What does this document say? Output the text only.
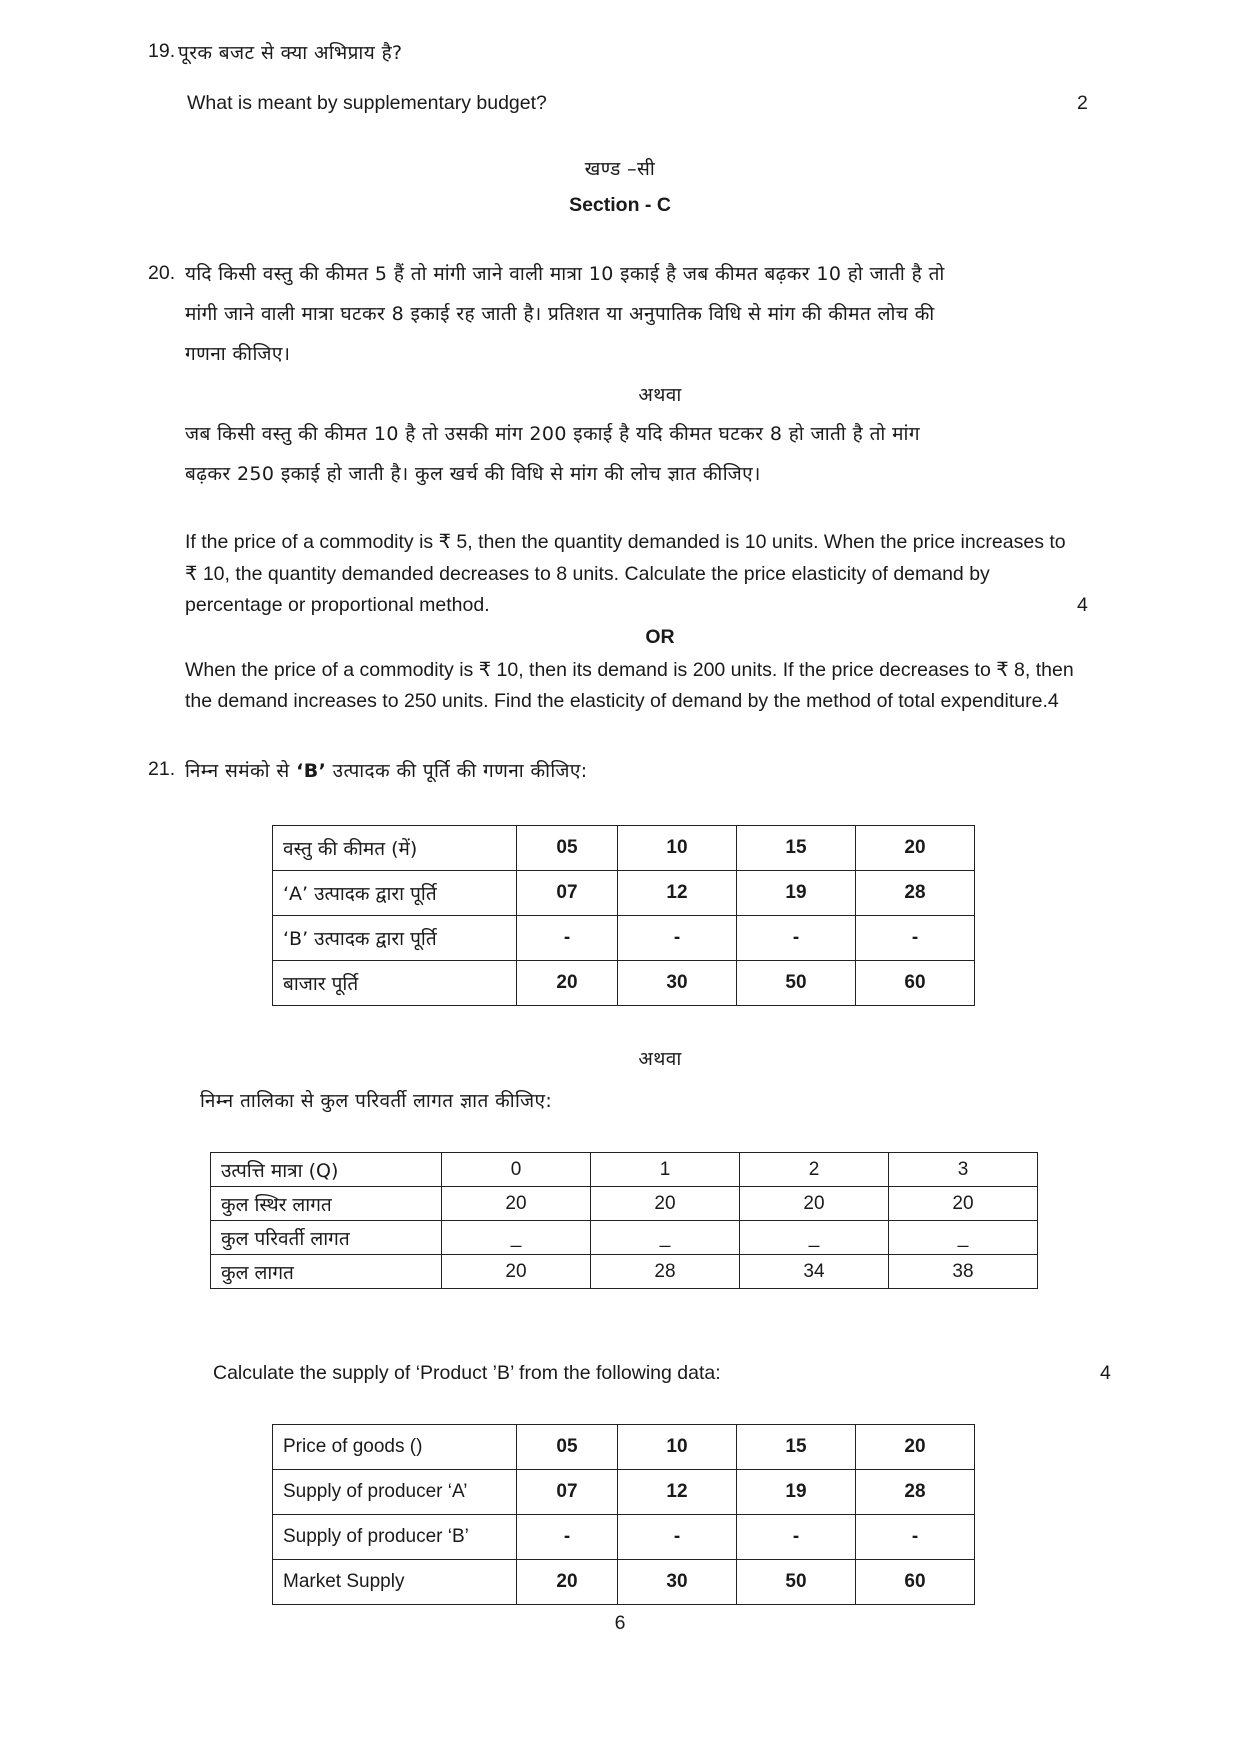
19. पूरक बजट से क्या अभिप्राय है?
What is meant by supplementary budget?	2
खण्ड –सी
Section - C
20. यदि किसी वस्तु की कीमत 5 हैं तो मांगी जाने वाली मात्रा 10 इकाई है जब कीमत बढ़कर 10 हो जाती है तो
मांगी जाने वाली मात्रा घटकर 8 इकाई रह जाती है। प्रतिशत या अनुपातिक विधि से मांग की कीमत लोच की
गणना कीजिए।
अथवा
जब किसी वस्तु की कीमत 10 है तो उसकी मांग 200 इकाई है यदि कीमत घटकर 8 हो जाती है तो मांग
बढ़कर 250 इकाई हो जाती है। कुल खर्च की विधि से मांग की लोच ज्ञात कीजिए।
If the price of a commodity is ₹ 5, then the quantity demanded is 10 units. When the price increases to
₹ 10, the quantity demanded decreases to 8 units. Calculate the price elasticity of demand by
percentage or proportional method.	4
OR
When the price of a commodity is ₹ 10, then its demand is 200 units. If the price decreases to ₹ 8, then
the demand increases to 250 units. Find the elasticity of demand by the method of total expenditure.4
21. निम्न समंको से ‘B’ उत्पादक की पूर्ति की गणना कीजिए:
वस्तु की कीमत (में)	05	10	15	20
‘A’ उत्पादक द्वारा पूर्ति	07	12	19	28
‘B’ उत्पादक द्वारा पूर्ति	-	-	-	-
बाजार पूर्ति	20	30	50	60
अथवा
निम्न तालिका से कुल परिवर्ती लागत ज्ञात कीजिए:
उत्पत्ति मात्रा (Q)	0	1	2	3
कुल स्थिर लागत	20	20	20	20
कुल परिवर्ती लागत	_	_	_	_
कुल लागत	20	28	34	38
Calculate the supply of ‘Product ’B’ from the following data:	4
Price of goods ()	05	10	15	20
Supply of producer ‘A’	07	12	19	28
Supply of producer ‘B’	-	-	-	-
Market Supply	20	30	50	60
6
